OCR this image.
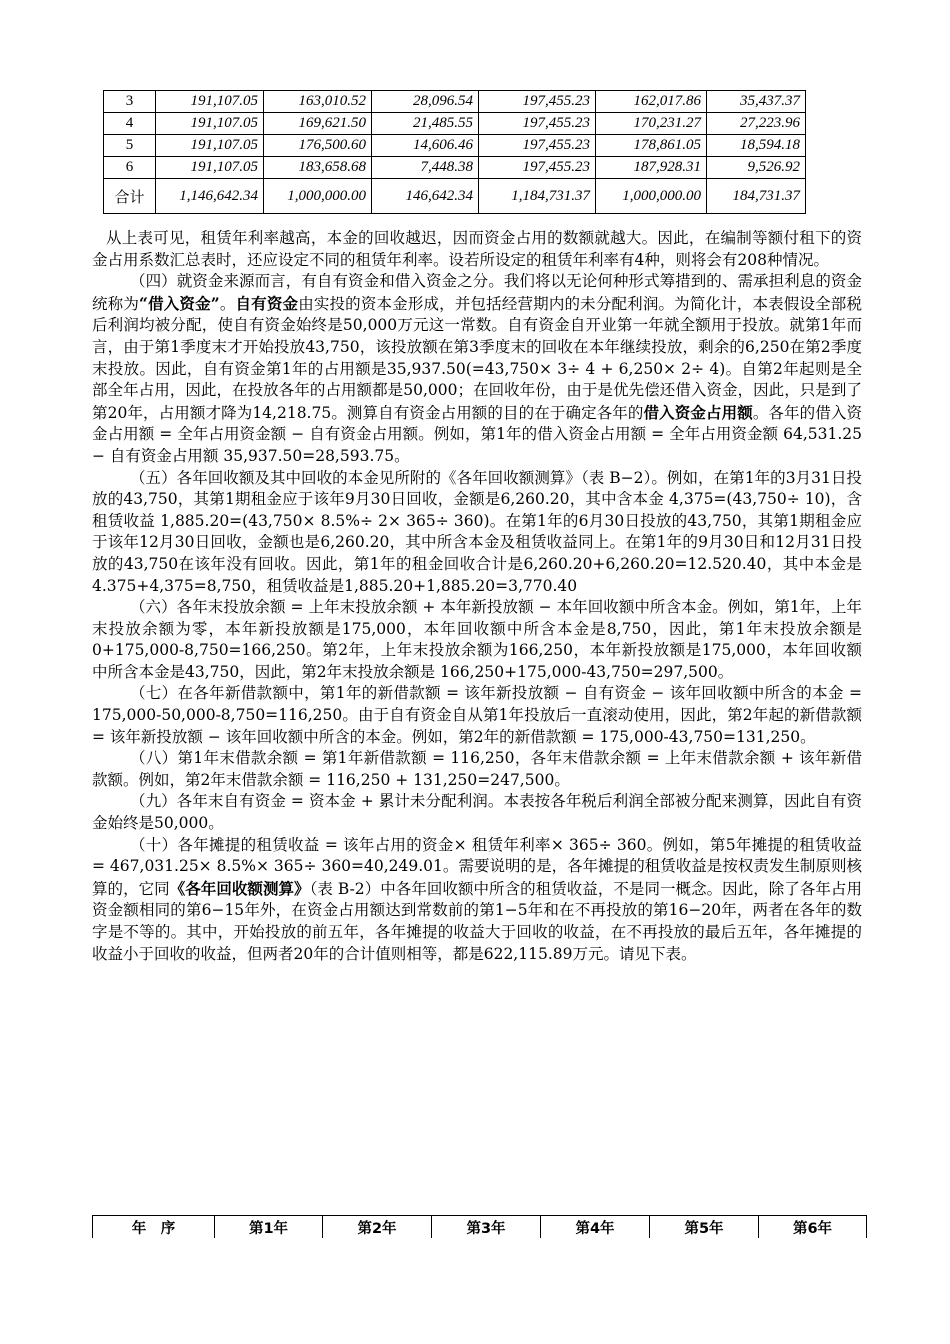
3	191,107.05	163,010.52	28,096.54	197,455.23	162,017.86	35,437.37
4	191,107.05	169,621.50	21,485.55	197,455.23	170,231.27	27,223.96
5	191,107.05	176,500.60	14,606.46	197,455.23	178,861.05	18,594.18
6	191,107.05	183,658.68	7,448.38	197,455.23	187,928.31	9,526.92
合计	1,146,642.34	1,000,000.00	146,642.34	1,184,731.37	1,000,000.00	184,731.37

从上表可见，租赁年利率越高，本金的回收越迟，因而资金占用的数额就越大。因此，在编制等额付租下的资金占用系数汇总表时，还应设定不同的租赁年利率。设若所设定的租赁年利率有4种，则将会有208种情况。

（四）就资金来源而言，有自有资金和借入资金之分。我们将以无论何种形式筹措到的、需承担利息的资金统称为“借入资金”。自有资金由实投的资本金形成，并包括经营期内的未分配利润。为简化计，本表假设全部税后利润均被分配，使自有资金始终是50,000万元这一常数。自有资金自开业第一年就全额用于投放。就第1年而言，由于第1季度末才开始投放43,750，该投放额在第3季度末的回收在本年继续投放，剩余的6,250在第2季度末投放。因此，自有资金第1年的占用额是35,937.50(=43,750× 3÷ 4 + 6,250× 2÷ 4)。自第2年起则是全部全年占用，因此，在投放各年的占用额都是50,000；在回收年份，由于是优先偿还借入资金，因此，只是到了第20年，占用额才降为14,218.75。测算自有资金占用额的目的在于确定各年的借入资金占用额。各年的借入资金占用额 = 全年占用资金额 − 自有资金占用额。例如，第1年的借入资金占用额 = 全年占用资金额 64,531.25 − 自有资金占用额 35,937.50=28,593.75。

（五）各年回收额及其中回收的本金见所附的《各年回收额测算》（表 B−2）。例如，在第1年的3月31日投放的43,750，其第1期租金应于该年9月30日回收，金额是6,260.20，其中含本金 4,375=(43,750÷ 10)，含租赁收益 1,885.20=(43,750× 8.5%÷ 2× 365÷ 360)。在第1年的6月30日投放的43,750，其第1期租金应于该年12月30日回收，金额也是6,260.20，其中所含本金及租赁收益同上。在第1年的9月30日和12月31日投放的43,750在该年没有回收。因此，第1年的租金回收合计是6,260.20+6,260.20=12.520.40，其中本金是4.375+4,375=8,750，租赁收益是1,885.20+1,885.20=3,770.40

（六）各年末投放余额 = 上年末投放余额 + 本年新投放额 − 本年回收额中所含本金。例如，第1年，上年末投放余额为零，本年新投放额是175,000，本年回收额中所含本金是8,750，因此，第1年末投放余额是 0+175,000-8,750=166,250。第2年，上年末投放余额为166,250，本年新投放额是175,000，本年回收额中所含本金是43,750，因此，第2年末投放余额是 166,250+175,000-43,750=297,500。

（七）在各年新借款额中，第1年的新借款额 = 该年新投放额 − 自有资金 − 该年回收额中所含的本金 = 175,000-50,000-8,750=116,250。由于自有资金自从第1年投放后一直滚动使用，因此，第2年起的新借款额 = 该年新投放额 − 该年回收额中所含的本金。例如，第2年的新借款额 = 175,000-43,750=131,250。

（八）第1年末借款余额 = 第1年新借款额 = 116,250，各年末借款余额 = 上年末借款余额 + 该年新借款额。例如，第2年末借款余额 = 116,250 + 131,250=247,500。

（九）各年末自有资金 = 资本金 + 累计未分配利润。本表按各年税后利润全部被分配来测算，因此自有资金始终是50,000。

（十）各年摊提的租赁收益 = 该年占用的资金× 租赁年利率× 365÷ 360。例如，第5年摊提的租赁收益 = 467,031.25× 8.5%× 365÷ 360=40,249.01。需要说明的是，各年摊提的租赁收益是按权责发生制原则核算的，它同《各年回收额测算》（表 B-2）中各年回收额中所含的租赁收益，不是同一概念。因此，除了各年占用资金额相同的第6−15年外，在资金占用额达到常数前的第1−5年和在不再投放的第16−20年，两者在各年的数字是不等的。其中，开始投放的前五年，各年摊提的收益大于回收的收益，在不再投放的最后五年，各年摊提的收益小于回收的收益，但两者20年的合计值则相等，都是622,115.89万元。请见下表。

年　序	第1年	第2年	第3年	第4年	第5年	第6年
